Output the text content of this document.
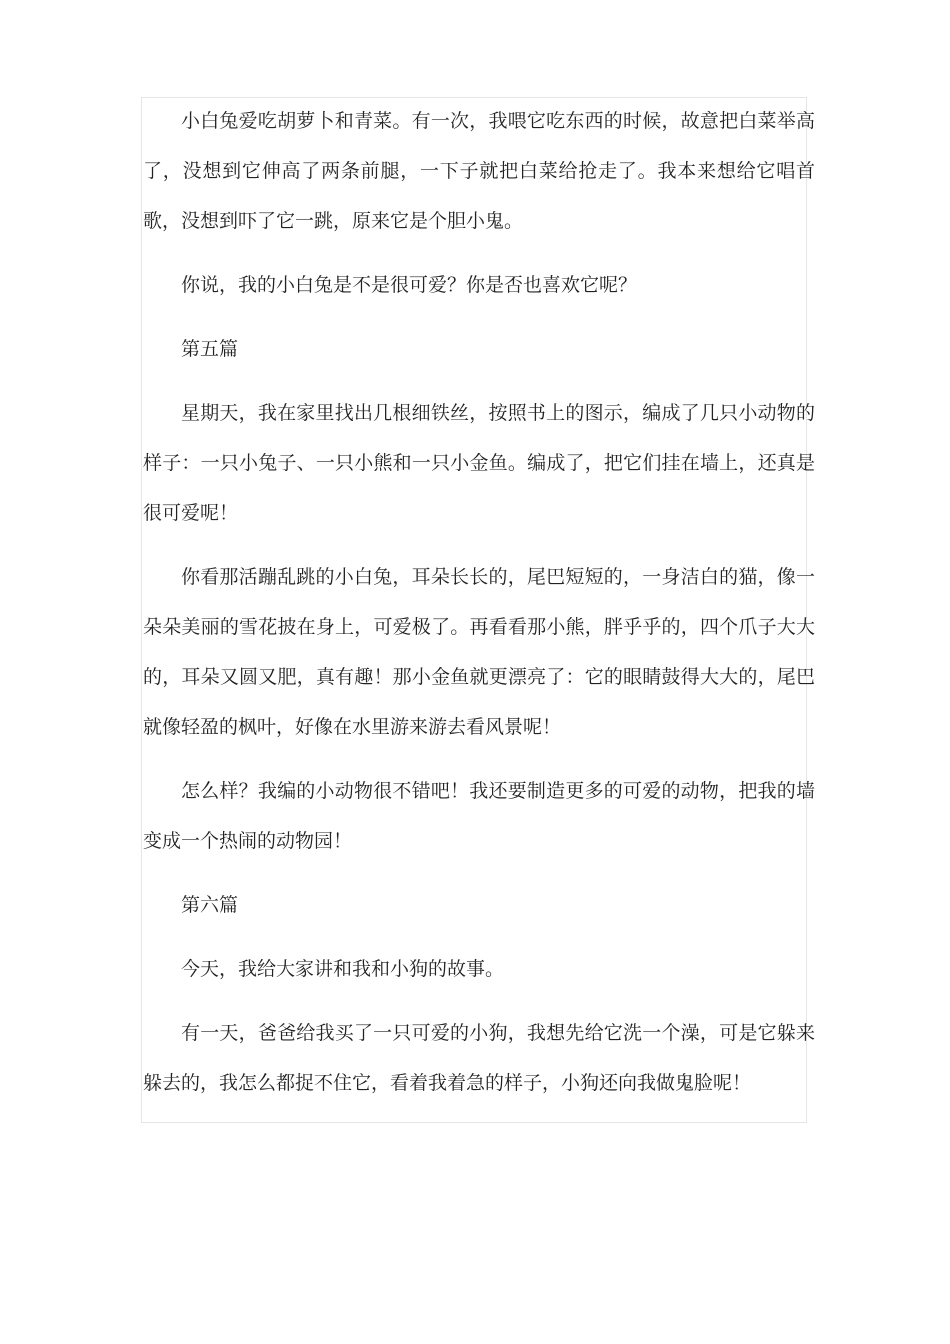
小白兔爱吃胡萝卜和青菜。有一次，我喂它吃东西的时候，故意把白菜举高了，没想到它伸高了两条前腿，一下子就把白菜给抢走了。我本来想给它唱首歌，没想到吓了它一跳，原来它是个胆小鬼。

你说，我的小白兔是不是很可爱？你是否也喜欢它呢？

第五篇

星期天，我在家里找出几根细铁丝，按照书上的图示，编成了几只小动物的样子：一只小兔子、一只小熊和一只小金鱼。编成了，把它们挂在墙上，还真是很可爱呢！

你看那活蹦乱跳的小白兔，耳朵长长的，尾巴短短的，一身洁白的猫，像一朵朵美丽的雪花披在身上，可爱极了。再看看那小熊，胖乎乎的，四个爪子大大的，耳朵又圆又肥，真有趣！那小金鱼就更漂亮了：它的眼睛鼓得大大的，尾巴就像轻盈的枫叶，好像在水里游来游去看风景呢！

怎么样？我编的小动物很不错吧！我还要制造更多的可爱的动物，把我的墙变成一个热闹的动物园！

第六篇

今天，我给大家讲和我和小狗的故事。

有一天，爸爸给我买了一只可爱的小狗，我想先给它洗一个澡，可是它躲来躲去的，我怎么都捉不住它，看着我着急的样子，小狗还向我做鬼脸呢！
